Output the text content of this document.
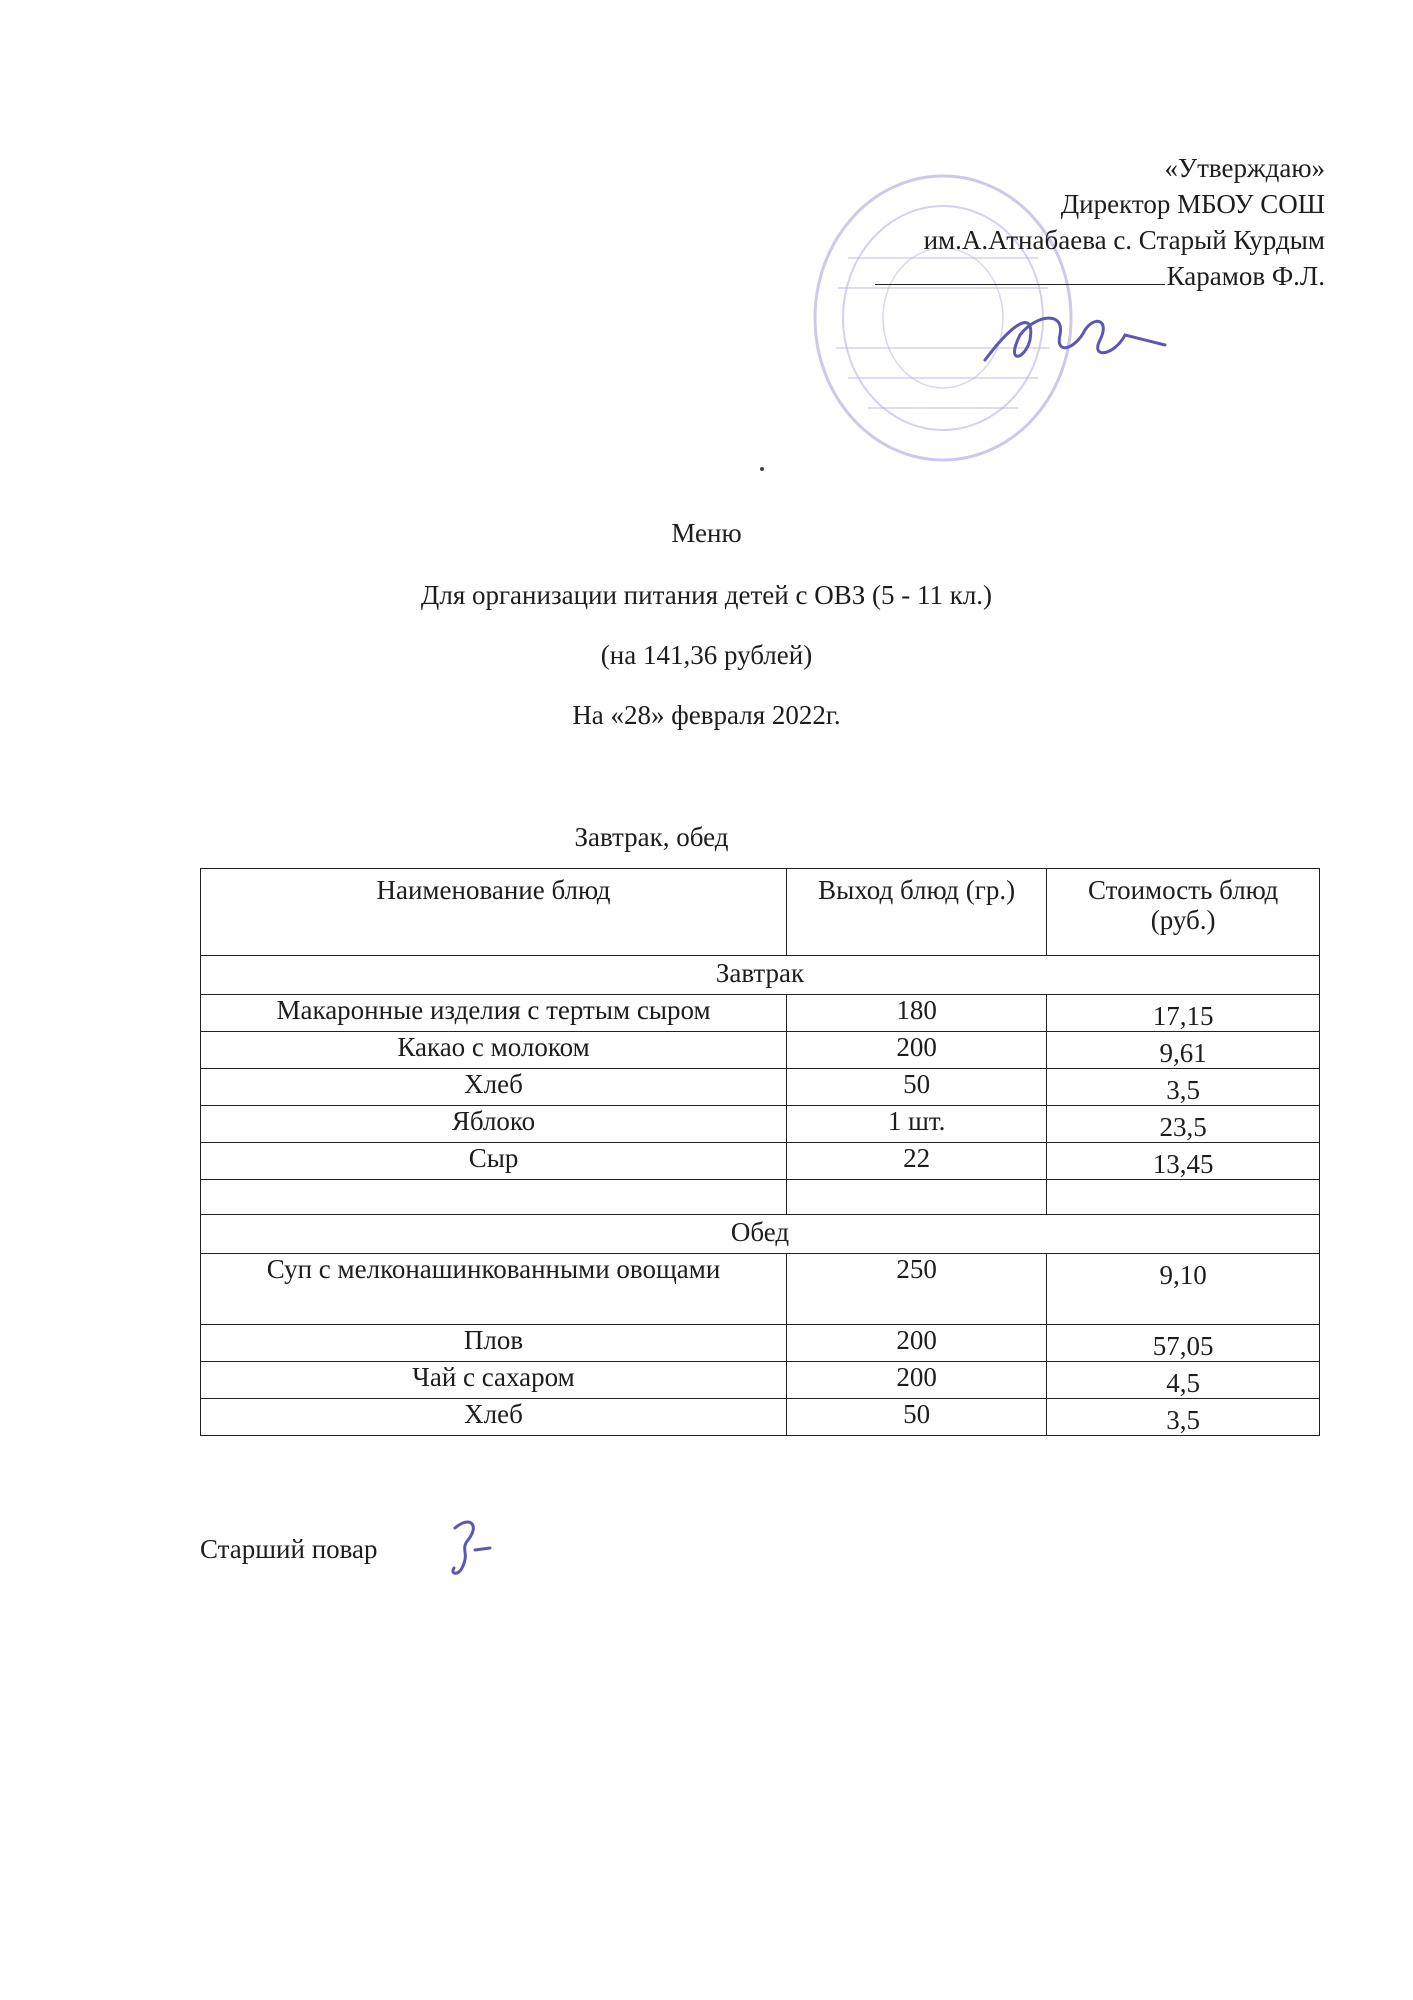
«Утверждаю»
Директор МБОУ СОШ
им.А.Атнабаева с. Старый Курдым
Карамов Ф.Л.
Меню
Для организации питания детей с ОВЗ (5 - 11 кл.)
(на 141,36 рублей)
На «28» февраля 2022г.
Завтрак, обед
Наименование блюд	Выход блюд (гр.)	Стоимость блюд (руб.)
Завтрак		
Макаронные изделия с тертым сыром	180	17,15
Какао с молоком	200	9,61
Хлеб	50	3,5
Яблоко	1 шт.	23,5
Сыр	22	13,45

Обед		
Суп с мелконашинкованными овощами	250	9,10
Плов	200	57,05
Чай с сахаром	200	4,5
Хлеб	50	3,5
Старший повар
